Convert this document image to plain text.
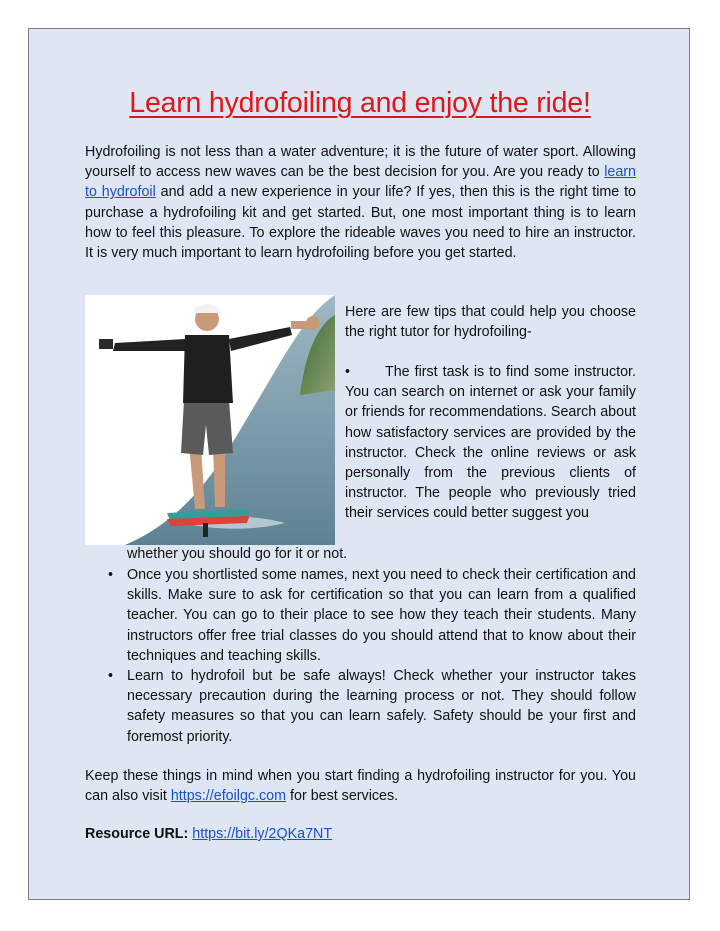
Learn hydrofoiling and enjoy the ride!

Hydrofoiling is not less than a water adventure; it is the future of water sport. Allowing yourself to access new waves can be the best decision for you. Are you ready to learn to hydrofoil and add a new experience in your life? If yes, then this is the right time to purchase a hydrofoiling kit and get started. But, one most important thing is to learn how to feel this pleasure. To explore the rideable waves you need to hire an instructor. It is very much important to learn hydrofoiling before you get started.

Here are few tips that could help you choose the right tutor for hydrofoiling-

• The first task is to find some instructor. You can search on internet or ask your family or friends for recommendations. Search about how satisfactory services are provided by the instructor. Check the online reviews or ask personally from the previous clients of instructor. The people who previously tried their services could better suggest you

whether you should go for it or not.

• Once you shortlisted some names, next you need to check their certification and skills. Make sure to ask for certification so that you can learn from a qualified teacher. You can go to their place to see how they teach their students. Many instructors offer free trial classes do you should attend that to know about their techniques and teaching skills.
• Learn to hydrofoil but be safe always! Check whether your instructor takes necessary precaution during the learning process or not. They should follow safety measures so that you can learn safely. Safety should be your first and foremost priority.

Keep these things in mind when you start finding a hydrofoiling instructor for you. You can also visit https://efoilgc.com for best services.

Resource URL: https://bit.ly/2QKa7NT
